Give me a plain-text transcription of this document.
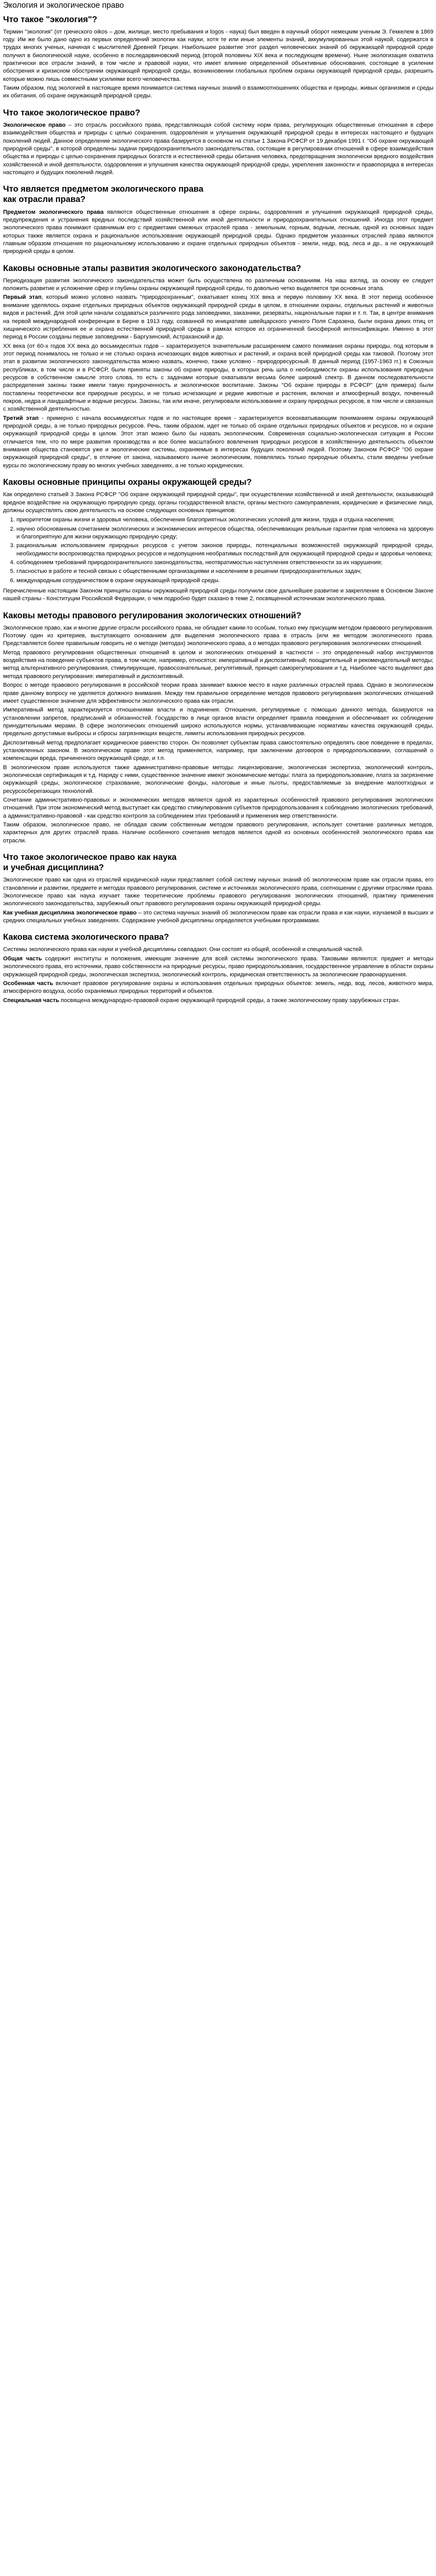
Экология и экологическое право
Что такое "экология"?

Термин "экология" (от греческого oikos – дом, жилище, место пребывания и logos - наука) был введен в научный оборот немецким ученым Э. Геккелем в 1869 году. Им же было дано одно из первых определений экологии как науки, хотя те или иные элементы знаний, аккумулированных этой наукой, содержатся в трудах многих ученых, начиная с мыслителей Древней Греции. Наибольшее развитие этот раздел человеческих знаний об окружающей природной среде получил в биологической науке, особенно в последарвиновский период (второй половины XIX века и последующем времени). Ныне экологизация охватила практически все отрасли знаний, в том числе и правовой науки, что имеет влияние определенной объективные обоснования, состоящие в усилении обострения и кризисном обострении окружающей природной среды, возникновении глобальных проблем охраны окружающей природной среды, разрешить которые можно лишь совместными усилиями всего человечества.

Таким образом, под экологией в настоящее время понимается система научных знаний о взаимоотношениях общества и природы, живых организмов и среды их обитания, об охране окружающей природной среды.

Что такое экологическое право?

Экологическое право – это отрасль российского права, представляющая собой систему норм права, регулирующих общественные отношения в сфере взаимодействия общества и природы с целью сохранения, оздоровления и улучшения окружающей природной среды в интересах настоящего и будущих поколений людей. Данное определение экологического права базируется в основном на статье 1 Закона РСФСР от 19 декабря 1991 г. "Об охране окружающей природной среды", в которой определены задачи природоохранительного законодательства, состоящие в регулировании отношений в сфере взаимодействия общества и природы с целью сохранения природных богатств и естественной среды обитания человека, предотвращения экологически вредного воздействия хозяйственной и иной деятельности, оздоровления и улучшения качества окружающей природной среды, укрепления законности и правопорядка в интересах настоящего и будущих поколений людей.

Что является предметом экологического права
как отрасли права?

Предметом экологического права являются общественные отношения в сфере охраны, оздоровления и улучшения окружающей природной среды, предупреждения и устранения вредных последствий хозяйственной или иной деятельности и природоохранительных отношений. Иногда этот предмет экологического права понимают сравнимым его с предметами смежных отраслей права - земельным, горным, водным, лесным, одной из основных задач которых также является охрана и рациональное использование окружающей природной среды. Однако предметом указанных отраслей права являются главным образом отношения по рациональному использованию и охране отдельных природных объектов - земли, недр, вод, леса и др., а не окружающей природной среды в целом.

Каковы основные этапы развития экологического законодательства?

Периодизация развития экологического законодательства может быть осуществлена по различным основаниям. На наш взгляд, за основу ее следует положить развитие и усложнение сфер и глубины охраны окружающей природной среды, то довольно четко выделяется три основных этапа.

Первый этап, который можно условно назвать "природоохранным", охватывает конец XIX века и первую половину XX века. В этот период особенное внимание уделялось охране отдельных природных объектов окружающей природной среды в целом, в отношении охраны, отдельных растений и животных видов и растений. Для этой цели начали создаваться различного рода заповедники, заказники, резерваты, национальные парки и т. п. Так, в центре внимания на первой международной конференции в Берне в 1913 году, созванной по инициативе швейцарского ученого Поля Саразена, были охрана диких птиц от хищнического истребления ее и охрана естественной природной среды в рамках которое из ограниченной биосферной интенсификации. Именно в этот период в России созданы первые заповедники - Баргузинский, Астраханский и др.

XX века (от 60-х годов XX века до восьмидесятых годов – характеризуется значительным расширением самого понимания охраны природы, под которым в этот период понималось не только и не столько охрана исчезающих видов животных и растений, и охрана всей природной среды как таковой. Поэтому этот этап в развитии экологического законодательства можно назвать, конечно, также условно - природоресурсный. В данный период (1957-1963 гг.) в Союзных республиках, в том числе и в РСФСР, были приняты законы об охране природы, в которых речь шла о необходимости охраны использования природных ресурсов в собственном смысле этого слова, то есть с задачами которые охватывали весьма более широкий спектр. В данном последовательности распределения законы также имели такую приуроченность и экологическое воспитание. Законы "Об охране природы в РСФСР" (для примера) были поставлены теоретически все природные ресурсы, и не только исчезающие и редкие животные и растения, включая и атмосферный воздух, почвенный покров, недра и ландшафтные и водные ресурсы. Законы, так или иначе, регулировали использование и охрану природных ресурсов, в том числе и связанных с хозяйственной деятельностью.

Третий этап - примерно с начала восьмидесятых годов и по настоящее время - характеризуется всеохватывающим пониманием охраны окружающей природной среды, а не только природных ресурсов. Речь, таким образом, идет не только об охране отдельных природных объектов и ресурсов, но и охране окружающей природной среды в целом. Этот этап можно было бы назвать экологическим. Современная социально-экологическая ситуация в России отличается тем, что по мере развития производства и все более масштабного вовлечения природных ресурсов в хозяйственную деятельность объектом внимания общества становятся уже и экологические системы, охраняемые в интересах будущих поколений людей. Поэтому Законом РСФСР "Об охране окружающей природной среды", в отличие от закона, называемого нынче экологическим, появлялись только природные объекты, стали введены учебные курсы по экологическому праву во многих учебных заведениях, а не только юридических.

Каковы основные принципы охраны окружающей среды?

Как определено статьей 3 Закона РСФСР "Об охране окружающей природной среды", при осуществлении хозяйственной и иной деятельности, оказывающей вредное воздействие на окружающую природную среду, органы государственной власти, органы местного самоуправления, юридические и физические лица, должны осуществлять свою деятельность на основе следующих основных принципов:

1. приоритетом охраны жизни и здоровья человека, обеспечения благоприятных экологических условий для жизни, труда и отдыха населения;
2. научно обоснованным сочетанием экологических и экономических интересов общества, обеспечивающих реальные гарантии прав человека на здоровую и благоприятную для жизни окружающую природную среду;
3. рациональным использованием природных ресурсов с учетом законов природы, потенциальных возможностей окружающей природной среды, необходимости воспроизводства природных ресурсов и недопущения необратимых последствий для окружающей природной среды и здоровья человека;
4. соблюдением требований природоохранительного законодательства, неотвратимостью наступления ответственности за их нарушения;
5. гласностью в работе и тесной связью с общественными организациями и населением в решении природоохранительных задач;
6. международным сотрудничеством в охране окружающей природной среды.

Перечисленные настоящим Законом принципы охраны окружающей природной среды получили свое дальнейшее развитие и закрепление в Основном Законе нашей страны - Конституции Российской Федерации, о чем подробно будет сказано в теме 2, посвященной источникам экологического права.

Каковы методы правового регулирования экологических отношений?

Экологическое право, как и многие другие отрасли российского права, не обладает каким-то особым, только ему присущим методом правового регулирования. Поэтому один из критериев, выступающего основанием для выделения экологического права в отрасль (или же методом экологического права. Представляется более правильным говорить не о методе (методах) экологического права, а о методах правового регулирования экологических отношений.

Метод правового регулирования общественных отношений в целом и экологических отношений в частности – это определенный набор инструментов воздействия на поведение субъектов права, в том числе, например, относятся: императивный и диспозитивный; поощрительный и рекомендательный методы; метод альтернативного регулирования, стимулирующие, правосознательные, регулятивный, принцип саморегулирования и т.д. Наиболее часто выделяют два метода правового регулирования: императивный и диспозитивный.

Вопрос о методе правового регулирования в российской теории права занимает важное место в науке различных отраслей права. Однако в экологическом праве данному вопросу не уделяется должного внимания. Между тем правильное определение методов правового регулирования экологических отношений имеет существенное значение для эффективности экологического права как отрасли.

Императивный метод характеризуется отношениями власти и подчинения. Отношения, регулируемые с помощью данного метода, базируются на установлении запретов, предписаний и обязанностей. Государство в лице органов власти определяет правила поведения и обеспечивает их соблюдение принудительными мерами. В сфере экологических отношений широко используются нормы, устанавливающие нормативы качества окружающей среды, предельно допустимые выбросы и сбросы загрязняющих веществ, лимиты использования природных ресурсов.

Диспозитивный метод предполагает юридическое равенство сторон. Он позволяет субъектам права самостоятельно определять свое поведение в пределах, установленных законом. В экологическом праве этот метод применяется, например, при заключении договоров о природопользовании, соглашений о компенсации вреда, причиненного окружающей среде, и т.п.

В экологическом праве используются также административно-правовые методы: лицензирование, экологическая экспертиза, экологический контроль, экологическая сертификация и т.д. Наряду с ними, существенное значение имеют экономические методы: плата за природопользование, плата за загрязнение окружающей среды, экологическое страхование, экологические фонды, налоговые и иные льготы, предоставляемые за внедрение малоотходных и ресурсосберегающих технологий.

Сочетание административно-правовых и экономических методов является одной из характерных особенностей правового регулирования экологических отношений. При этом экономический метод выступает как средство стимулирования субъектов природопользования к соблюдению экологических требований, а административно-правовой - как средство контроля за соблюдением этих требований и применения мер ответственности.

Таким образом, экологическое право, не обладая своим собственным методом правового регулирования, использует сочетание различных методов, характерных для других отраслей права. Наличие особенного сочетания методов является одной из основных особенностей экологического права как отрасли.

Что такое экологическое право как наука
и учебная дисциплина?

Экологическое право как одна из отраслей юридической науки представляет собой систему научных знаний об экологическом праве как отрасли права, его становлении и развитии, предмете и методах правового регулирования, системе и источниках экологического права, соотношении с другими отраслями права. Экологическое право как наука изучает также теоретические проблемы правового регулирования экологических отношений, практику применения экологического законодательства, зарубежный опыт правового регулирования охраны окружающей природной среды.

Как учебная дисциплина экологическое право – это система научных знаний об экологическом праве как отрасли права и как науки, изучаемой в высших и средних специальных учебных заведениях. Содержание учебной дисциплины определяется учебными программами.

Какова система экологического права?

Системы экологического права как науки и учебной дисциплины совпадают. Они состоят из общей, особенной и специальной частей.

Общая часть содержит институты и положения, имеющие значение для всей системы экологического права. Таковыми являются: предмет и методы экологического права, его источники, право собственности на природные ресурсы, право природопользования, государственное управление в области охраны окружающей природной среды, экологическая экспертиза, экологический контроль, юридическая ответственность за экологические правонарушения.

Особенная часть включает правовое регулирование охраны и использования отдельных природных объектов: земель, недр, вод, лесов, животного мира, атмосферного воздуха, особо охраняемых природных территорий и объектов.

Специальная часть посвящена международно-правовой охране окружающей природной среды, а также экологическому праву зарубежных стран.
